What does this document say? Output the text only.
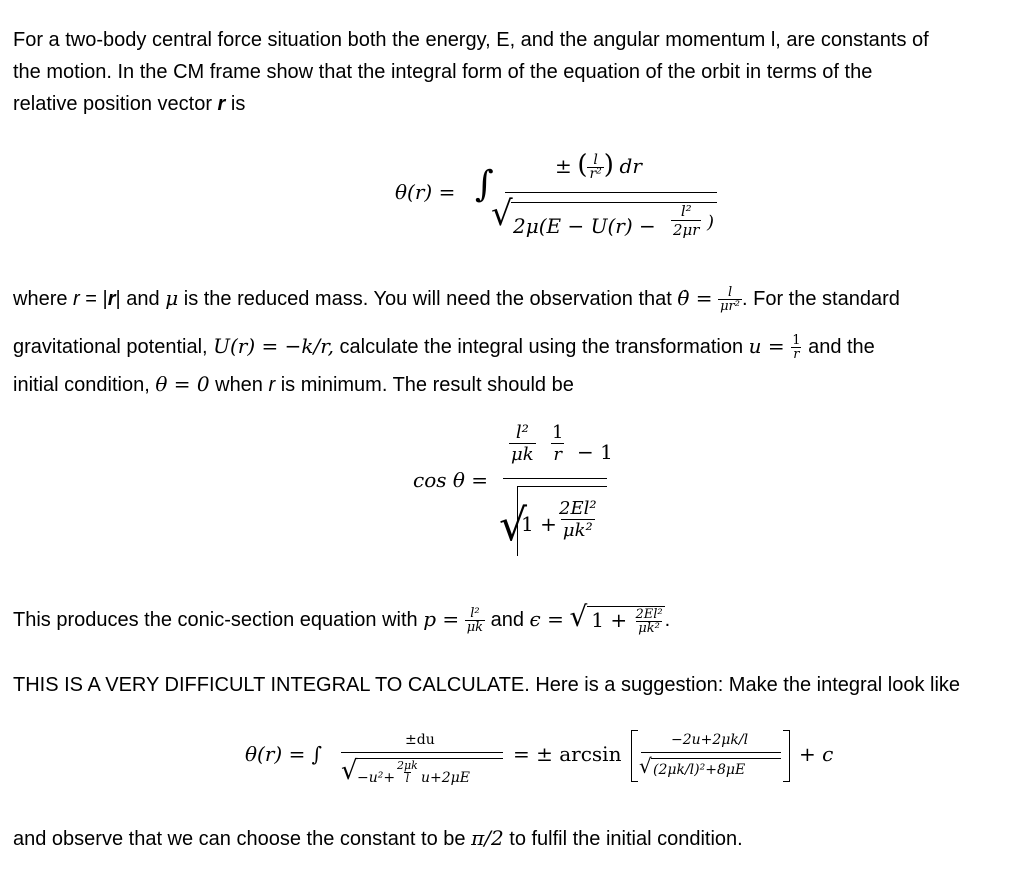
For a two-body central force situation both the energy, E, and the angular momentum l, are constants of
the motion. In the CM frame show that the integral form of the equation of the orbit in terms of the
relative position vector r is
θ(r) = ∫	± ( $\frac{l}{\text{r²}}$ ) dr
√ $2\mu(E - U(r) - \frac{\text{l²}}{2\mu r}$ )
where r = |r| and μ is the reduced mass. You will need the observation that θ̇ = $\frac{l}{\text{μr²}}$ . For the standard
gravitational potential, U(r) = −k/r, calculate the integral using the transformation $u = \frac{1}{r}$ and the
initial condition, θ = 0 when r is minimum. The result should be
cos θ =
$\frac{\text{l²}}{\mu k} \frac{1}{r} - 1$
√
$1 + \frac{\text{2El²}}{\text{μk²}}$
This produces the conic-section equation with $p = \frac{\text{l²}}{\mu k}$ and ϵ = √ $1 + \frac{\text{2El²}}{\text{μk²}}$ .
THIS IS A VERY DIFFICULT INTEGRAL TO CALCULATE. Here is a suggestion: Make the integral look like
θ(r) = ∫
±du
√ $-u^2+ \frac{2\mu k}{l} u+2\mu E$
= ± arcsin
−2u+2μk/l
√ (2μk/l)²+8μE
+ c
and observe that we can choose the constant to be π/2 to fulfil the initial condition.
